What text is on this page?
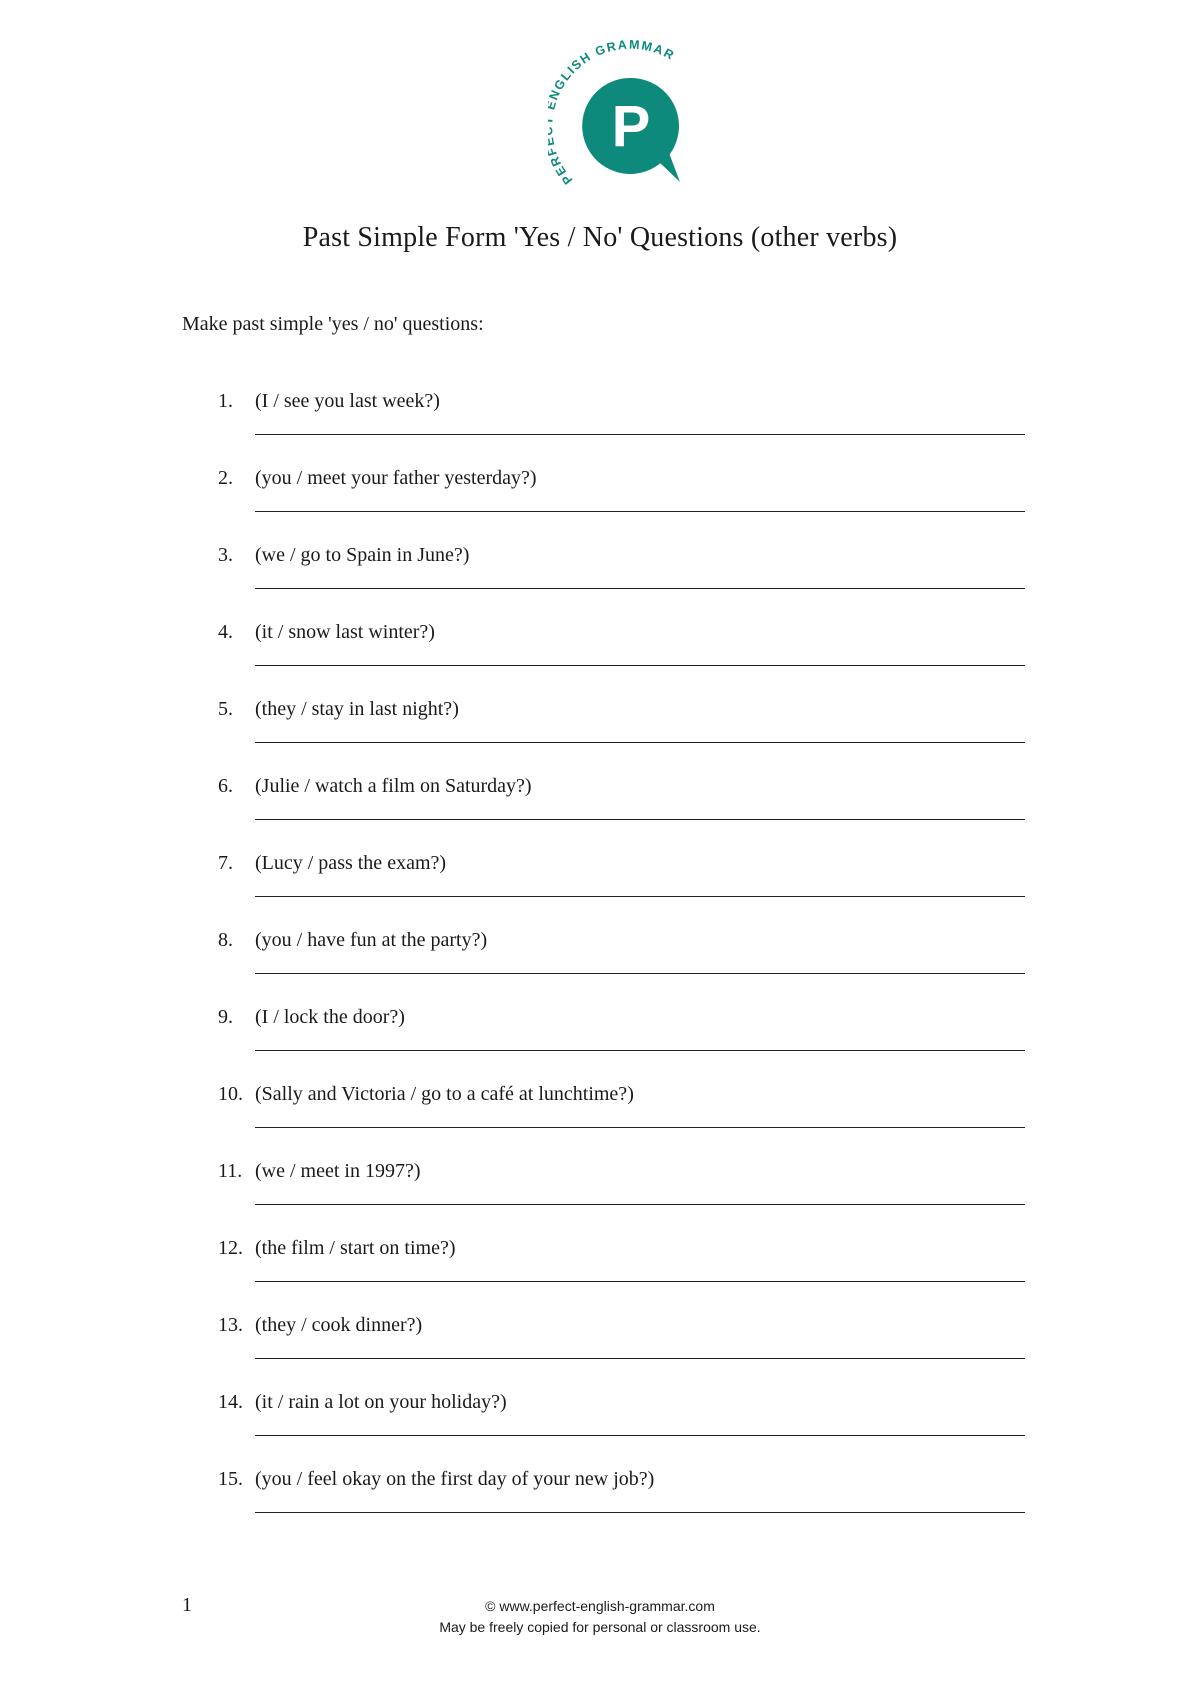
P
PER NGLISH GRAMMAR
Past Simple Form 'Yes / No' Questions (other verbs)
Make past simple 'yes / no' questions:
1. (I / see you last week?)
2. (you / meet your father yesterday?)
3. (we / go to Spain in June?)
4. (it / snow last winter?)
5. (they / stay in last night?)
6. (Julie / watch a film on Saturday?)
7. (Lucy / pass the exam?)
8. (you / have fun at the party?)
9. (I / lock the door?)
10. (Sally and Victoria / go to a café at lunchtime?)
11. (we / meet in 1997?)
12. (the film / start on time?)
13. (they / cook dinner?)
14. (it / rain a lot on your holiday?)
15. (you / feel okay on the first day of your new job?)
1	© www.perfect-english-grammar.com
May be freely copied for personal or classroom use.
